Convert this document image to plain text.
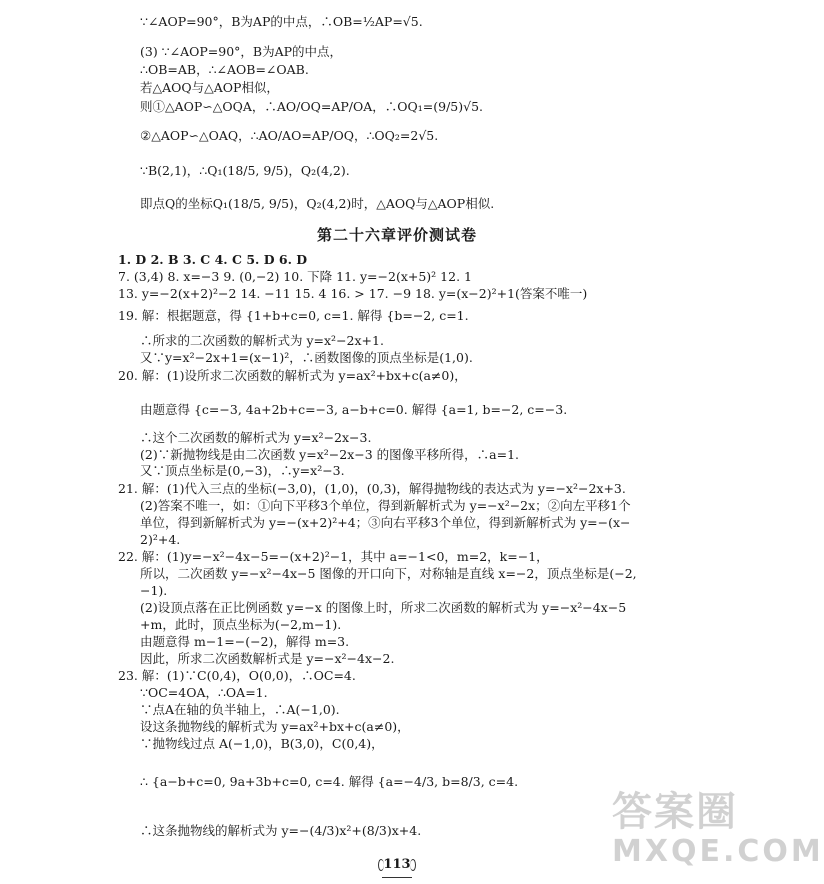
∵∠AOP=90°，B为AP的中点，∴OB=½AP=√5.
(3) ∵∠AOP=90°，B为AP的中点，
∴OB=AB，∴∠AOB=∠OAB.
若△AOQ与△AOP相似，
则①△AOP∽△OQA，∴AO/OQ=AP/OA，∴OQ₁=(9/5)√5.
②△AOP∽△OAQ，∴AO/AO=AP/OQ，∴OQ₂=2√5.
∵B(2,1)，∴Q₁(18/5, 9/5)，Q₂(4,2).
即点Q的坐标Q₁(18/5, 9/5)，Q₂(4,2)时，△AOQ与△AOP相似.
第二十六章评价测试卷
1. D 2. B 3. C 4. C 5. D 6. D
7. (3,4) 8. x=−3 9. (0,−2) 10. 下降 11. y=−2(x+5)² 12. 1
13. y=−2(x+2)²−2 14. −11 15. 4 16. > 17. −9 18. y=(x−2)²+1(答案不唯一)
19. 解：根据题意，得 {1+b+c=0, c=1. 解得 {b=−2, c=1.
∴所求的二次函数的解析式为 y=x²−2x+1.
又∵y=x²−2x+1=(x−1)²，∴函数图像的顶点坐标是(1,0).
20. 解：(1)设所求二次函数的解析式为 y=ax²+bx+c(a≠0)，
由题意得 {c=−3, 4a+2b+c=−3, a−b+c=0. 解得 {a=1, b=−2, c=−3.
∴这个二次函数的解析式为 y=x²−2x−3.
(2)∵新抛物线是由二次函数 y=x²−2x−3 的图像平移所得，∴a=1.
又∵顶点坐标是(0,−3)，∴y=x²−3.
21. 解：(1)代入三点的坐标(−3,0)，(1,0)，(0,3)，解得抛物线的表达式为 y=−x²−2x+3.
(2)答案不唯一，如：①向下平移3个单位，得到新解析式为 y=−x²−2x；②向左平移1个
单位，得到新解析式为 y=−(x+2)²+4；③向右平移3个单位，得到新解析式为 y=−(x−
2)²+4.
22. 解：(1)y=−x²−4x−5=−(x+2)²−1，其中 a=−1<0，m=2，k=−1，
所以，二次函数 y=−x²−4x−5 图像的开口向下，对称轴是直线 x=−2，顶点坐标是(−2,
−1).
(2)设顶点落在正比例函数 y=−x 的图像上时，所求二次函数的解析式为 y=−x²−4x−5
+m，此时，顶点坐标为(−2,m−1).
由题意得 m−1=−(−2)，解得 m=3.
因此，所求二次函数解析式是 y=−x²−4x−2.
23. 解：(1)∵C(0,4)，O(0,0)，∴OC=4.
∵OC=4OA，∴OA=1.
∵点A在轴的负半轴上，∴A(−1,0).
设这条抛物线的解析式为 y=ax²+bx+c(a≠0)，
∵抛物线过点 A(−1,0)，B(3,0)，C(0,4)，
∴ {a−b+c=0, 9a+3b+c=0, c=4. 解得 {a=−4/3, b=8/3, c=4.
∴这条抛物线的解析式为 y=−(4/3)x²+(8/3)x+4.
113
答案圈
MXQE.COM
